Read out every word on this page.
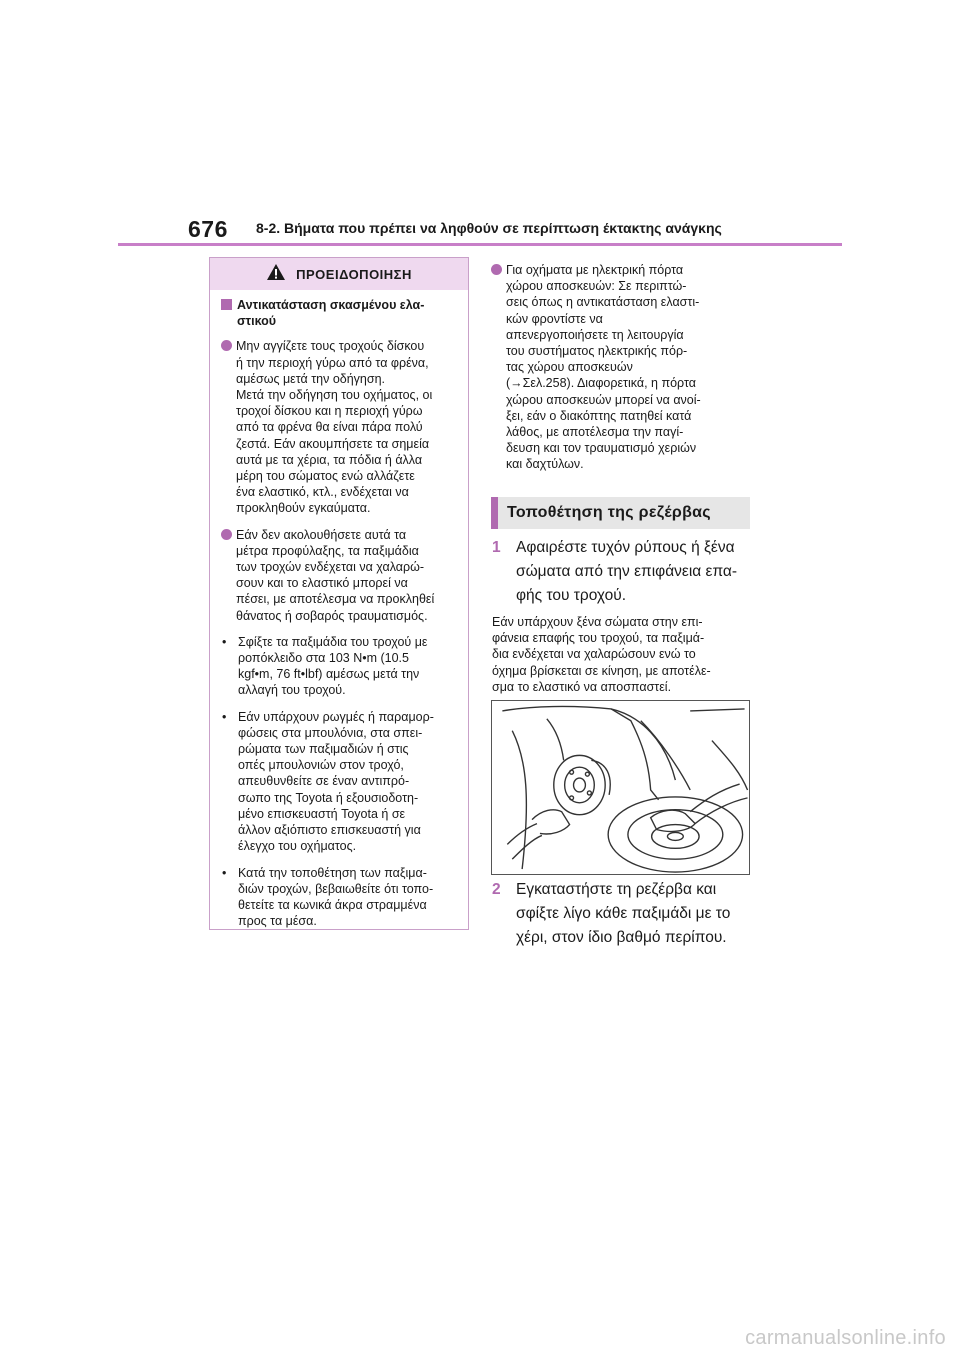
676 8-2. Βήματα που πρέπει να ληφθούν σε περίπτωση έκτακτης ανάγκης
ΠΡΟΕΙΔΟΠΟΙΗΣΗ
Αντικατάσταση σκασμένου ελα-
στικού
Μην αγγίζετε τους τροχούς δίσκου
ή την περιοχή γύρω από τα φρένα,
αμέσως μετά την οδήγηση.
Μετά την οδήγηση του οχήματος, οι
τροχοί δίσκου και η περιοχή γύρω
από τα φρένα θα είναι πάρα πολύ
ζεστά. Εάν ακουμπήσετε τα σημεία
αυτά με τα χέρια, τα πόδια ή άλλα
μέρη του σώματος ενώ αλλάζετε
ένα ελαστικό, κτλ., ενδέχεται να
προκληθούν εγκαύματα.
Εάν δεν ακολουθήσετε αυτά τα
μέτρα προφύλαξης, τα παξιμάδια
των τροχών ενδέχεται να χαλαρώ-
σουν και το ελαστικό μπορεί να
πέσει, με αποτέλεσμα να προκληθεί
θάνατος ή σοβαρός τραυματισμός.
• Σφίξτε τα παξιμάδια του τροχού με
ροπόκλειδο στα 103 N•m (10.5
kgf•m, 76 ft•lbf) αμέσως μετά την
αλλαγή του τροχού.
• Εάν υπάρχουν ρωγμές ή παραμορ-
φώσεις στα μπουλόνια, στα σπει-
ρώματα των παξιμαδιών ή στις
οπές μπουλονιών στον τροχό,
απευθυνθείτε σε έναν αντιπρό-
σωπο της Toyota ή εξουσιοδοτη-
μένο επισκευαστή Toyota ή σε
άλλον αξιόπιστο επισκευαστή για
έλεγχο του οχήματος.
• Κατά την τοποθέτηση των παξιμα-
διών τροχών, βεβαιωθείτε ότι τοπο-
θετείτε τα κωνικά άκρα στραμμένα
προς τα μέσα.
Για οχήματα με ηλεκτρική πόρτα
χώρου αποσκευών: Σε περιπτώ-
σεις όπως η αντικατάσταση ελαστι-
κών φροντίστε να
απενεργοποιήσετε τη λειτουργία
του συστήματος ηλεκτρικής πόρ-
τας χώρου αποσκευών
(→Σελ.258). Διαφορετικά, η πόρτα
χώρου αποσκευών μπορεί να ανοί-
ξει, εάν ο διακόπτης πατηθεί κατά
λάθος, με αποτέλεσμα την παγί-
δευση και τον τραυματισμό χεριών
και δαχτύλων.
Τοποθέτηση της ρεζέρβας
1 Αφαιρέστε τυχόν ρύπους ή ξένα
σώματα από την επιφάνεια επα-
φής του τροχού.
Εάν υπάρχουν ξένα σώματα στην επι-
φάνεια επαφής του τροχού, τα παξιμά-
δια ενδέχεται να χαλαρώσουν ενώ το
όχημα βρίσκεται σε κίνηση, με αποτέλε-
σμα το ελαστικό να αποσπαστεί.
2 Εγκαταστήστε τη ρεζέρβα και
σφίξτε λίγο κάθε παξιμάδι με το
χέρι, στον ίδιο βαθμό περίπου.
carmanualsonline.info
